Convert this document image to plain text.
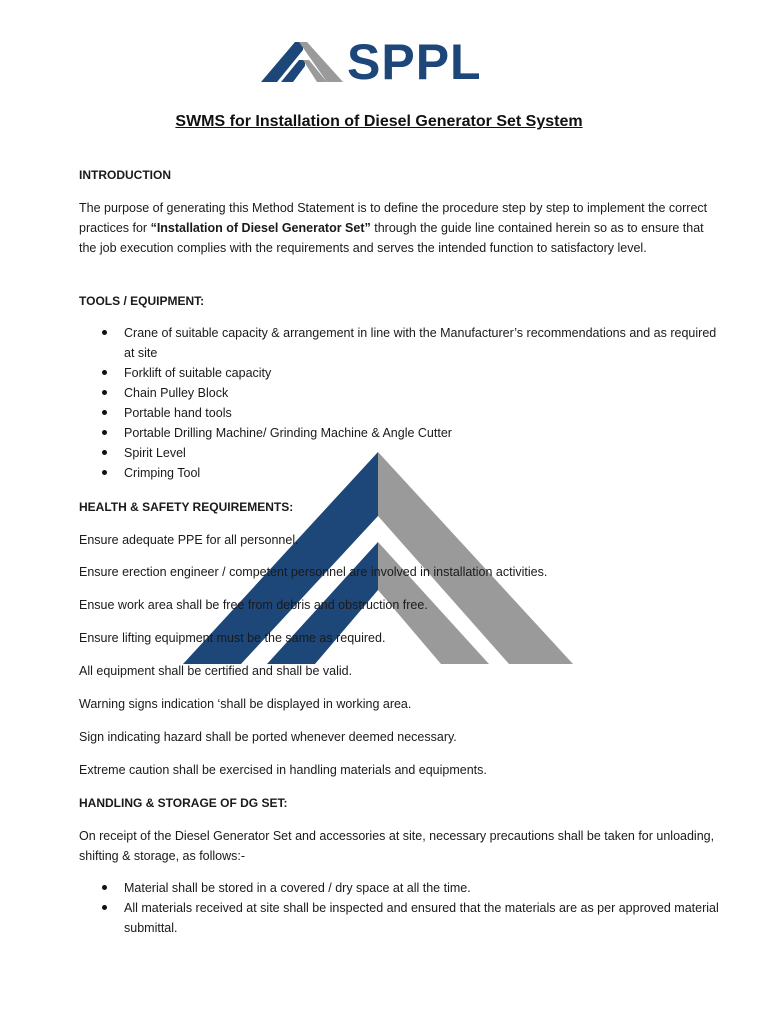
SPPL
SWMS for Installation of Diesel Generator Set System
INTRODUCTION
The purpose of generating this Method Statement is to define the procedure step by step to implement the correct practices for “Installation of Diesel Generator Set” through the guide line contained herein so as to ensure that the job execution complies with the requirements and serves the intended function to satisfactory level.
TOOLS / EQUIPMENT:
Crane of suitable capacity & arrangement in line with the Manufacturer’s recommendations and as required at site
Forklift of suitable capacity
Chain Pulley Block
Portable hand tools
Portable Drilling Machine/ Grinding Machine & Angle Cutter
Spirit Level
Crimping Tool
HEALTH & SAFETY REQUIREMENTS:
Ensure adequate PPE for all personnel.
Ensure erection engineer / competent personnel are involved in installation activities.
Ensue work area shall be free from debris and obstruction free.
Ensure lifting equipment must be the same as required.
All equipment shall be certified and shall be valid.
Warning signs indication ‘shall be displayed in working area.
Sign indicating hazard shall be ported whenever deemed necessary.
Extreme caution shall be exercised in handling materials and equipments.
HANDLING & STORAGE OF DG SET:
On receipt of the Diesel Generator Set and accessories at site, necessary precautions shall be taken for unloading, shifting & storage, as follows:-
Material shall be stored in a covered / dry space at all the time.
All materials received at site shall be inspected and ensured that the materials are as per approved material submittal.
